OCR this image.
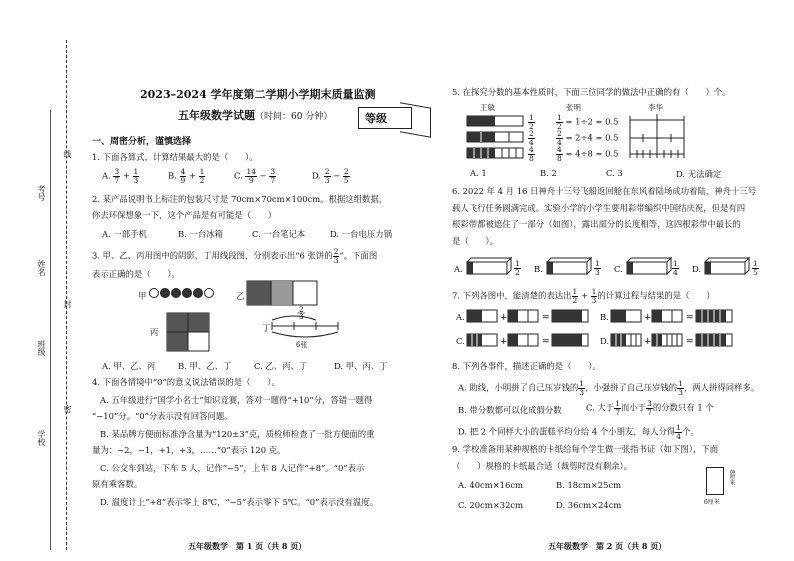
线
封
密
考号
姓名
班级
学校
2023–2024 学年度第二学期小学期末质量监测
五年级数学试题（时间：60 分钟）	等级

一、周密分析，谨慎选择

1. 下面各算式，计算结果最大的是（　　）。

A. $\frac{3}{7} + \frac{1}{3}$	B. $\frac{4}{9} + \frac{1}{2}$	C. $\frac{14}{9} - \frac{3}{7}$	D. $\frac{2}{3} - \frac{2}{5}$

2. 某产品说明书上标注的包装尺寸是 70cm×70cm×100cm。根据这组数据，

你去环保想象一下，这个产品是有可能是（　　）

A. 一部手机	B. 一台冰箱	C. 一台笔记本	D. 一台电压力锅
3. 甲、乙、丙用图中的阴影，丁用线段图，分别表示出“6 张饼的 $\frac{2}{3}$ ”。下面图
表示正确的是（　　）。
甲	乙
丙	丁
2
3
6张
A. 甲、乙、丙	B. 甲、乙、丁	C. 乙、丙、丁	D. 甲、丙、丁

4. 下面各情境中“0”的意义说法错误的是（　　）。

A. 五年级进行“国学小名士”知识竞赛，答对一题得“+10”分，答错一题得

“−10”分。“0”分表示没有回答问题。

B. 某品牌方便面标准净含量为“120±3”克，质检师检查了一批方便面的重

量为：−2，−1，+1，+3，……“0”表示 120 克。

C. 公交车到站，下车 5 人，记作“−5”，上车 8 人记作“+8”。“0”表示

原有乘客数。

D. 温度计上“+8”表示零上 8℃，“−5”表示零下 5℃。“0”表示没有温度。

五年级数学　第 1 页（共 8 页）
5. 在探究分数的基本性质时，下面三位同学的做法中正确的有（　　）个。
王敏	张明	李华
$\frac{1}{2}$
$\frac{2}{4}$
$\frac{4}{8}$
$\frac{1}{2} = 1\div 2 = 0.5$
$\frac{2}{4} = 2\div 4 = 0.5$
$\frac{4}{8} = 4\div 8 = 0.5$
A. 1	B. 2	C. 3	D. 无法确定

6. 2022 年 4 月 16 日神舟十三号飞船返回舱在东风着陆场成功着陆，神舟十三号

载人飞行任务圆满完成。实验小学的小学生要用彩带编织中国结庆祝，但是有四

根彩带都被遮住了一部分（如图），露出部分的长度相等，这四根彩带中最长的

是（　　）。

A.	$\frac{1}{2} B$.	$\frac{1}{3} C$.	$\frac{1}{4} D$.	$\frac{1}{5}$
7. 下列各图中，能清楚的表达出 $\frac{1}{2} + \frac{1}{3}$ 的计算过程与结果的是（　　）
A.	+	=	B.	+	=
C.	+	=	D.	+	=
8. 下列各事件，描述正确的是（　　）。
A. 助线，小明拼了自己压岁钱的 $\frac{1}{3}$ ，小强拼了自己压岁钱的 $\frac{1}{3}$ ，两人拼得同样多。
B. 带分数都可以化成假分数	C. 大于 $\frac{1}{7}$ 而小于 $\frac{3}{7}$ 的分数只有 1 个
D. 把 2 个同样大小的蛋糕平均分给 4 个小朋友，每人分得 $\frac{1}{4}$ 个。

9. 学校准备用某种规格的卡纸给每个学生做一张指书证（如下图），下面

（　　）规格的卡纸最合适（裁剪时没有剩余）。

A. 40cm×16cm	B. 18cm×25cm
C. 20cm×32cm	D. 36cm×24cm
8厘米
6厘米
五年级数学　第 2 页（共 8 页）
